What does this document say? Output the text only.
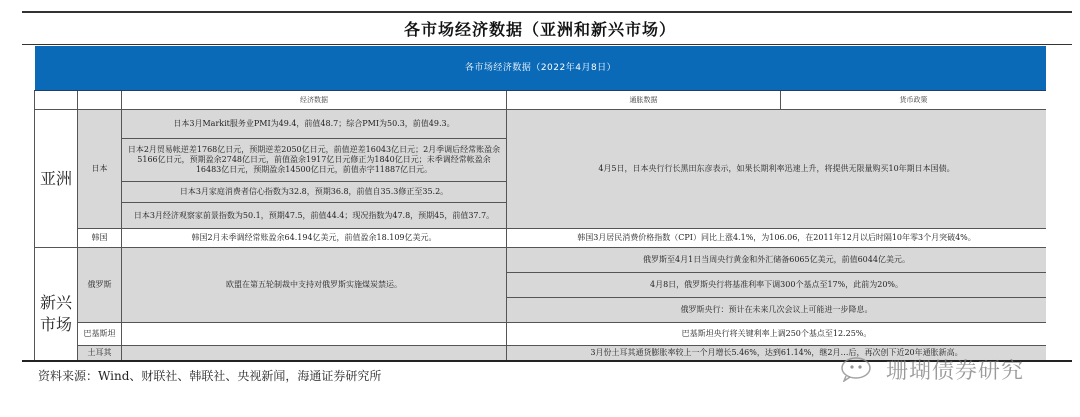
各市场经济数据（亚洲和新兴市场）
各市场经济数据（2022年4月8日）				
		经济数据	通胀数据	货币政策
亚洲	日本	日本3月Markit服务业PMI为49.4，前值48.7；综合PMI为50.3，前值49.3。	4月5日，日本央行行长黑田东彦表示，如果长期利率迅速上升，将提供无限量购买10年期日本国债。	
		日本2月贸易帐逆差1768亿日元，预期逆差2050亿日元，前值逆差16043亿日元；2月季调后经常账盈余5166亿日元，预期盈余2748亿日元，前值盈余1917亿日元修正为1840亿日元；未季调经常帐盈余16483亿日元，预期盈余14500亿日元，前值赤字11887亿日元。		
		日本3月家庭消费者信心指数为32.8，预期36.8，前值自35.3修正至35.2。		
		日本3月经济观察家前景指数为50.1，预期47.5，前值44.4；现况指数为47.8，预期45，前值37.7。		
	韩国	韩国2月未季调经常账盈余64.194亿美元，前值盈余18.109亿美元。	韩国3月居民消费价格指数（CPI）同比上涨4.1%，为106.06，在2011年12月以后时隔10年零3个月突破4%。	
新兴
市场	俄罗斯	欧盟在第五轮制裁中支持对俄罗斯实施煤炭禁运。	俄罗斯至4月1日当周央行黄金和外汇储备6065亿美元，前值6044亿美元。	
			4月8日，俄罗斯央行将基准利率下调300个基点至17%，此前为20%。	
			俄罗斯央行：预计在未来几次会议上可能进一步降息。	
	巴基斯坦		巴基斯坦央行将关键利率上调250个基点至12.25%。	
	土耳其		3月份土耳其通货膨胀率较上一个月增长5.46%，达到61.14%，继2月…后，再次创下近20年通胀新高。	

资料来源：Wind、财联社、韩联社、央视新闻，海通证券研究所	珊瑚债券研究
